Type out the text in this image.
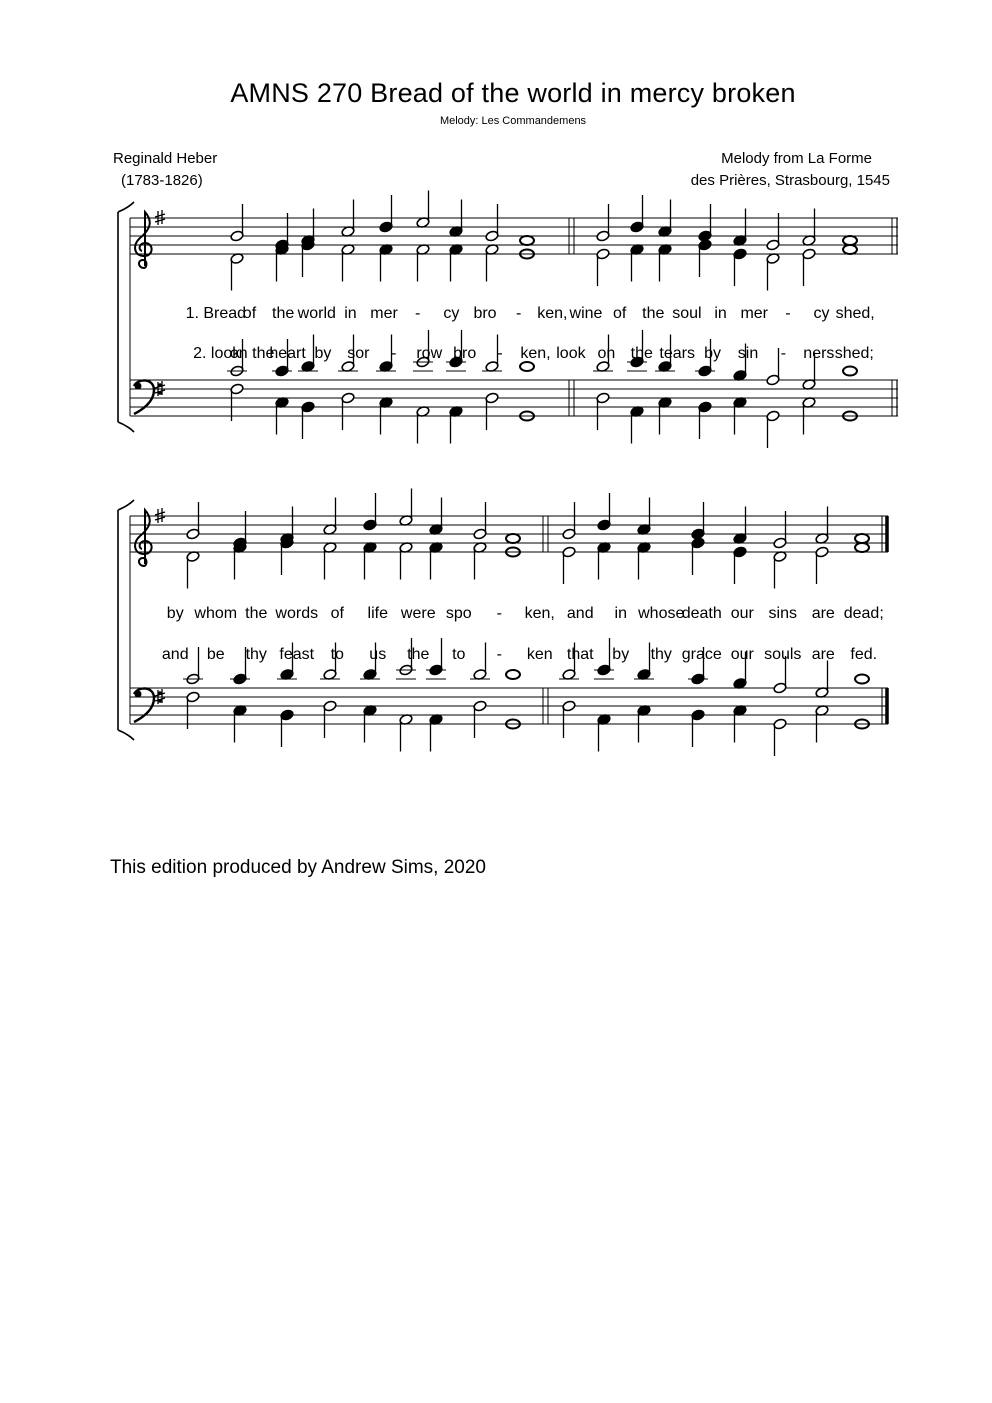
AMNS 270 Bread of the world in mercy broken
Melody: Les Commandemens
Reginald Heber
(1783-1826)
Melody from La Forme
des Prières, Strasbourg, 1545
1. Bread
of the world in mer - cy bro - ken, wine of the soul in mer - cy shed,
2. look
on the
heart by sor - row bro - ken, look on the tears by sin - ners shed;
by whom the words of life were spo - ken, and in whose
death our sins are dead;
and be thy feast to us the to - ken that by thy grace our souls are fed.
This edition produced by Andrew Sims, 2020
